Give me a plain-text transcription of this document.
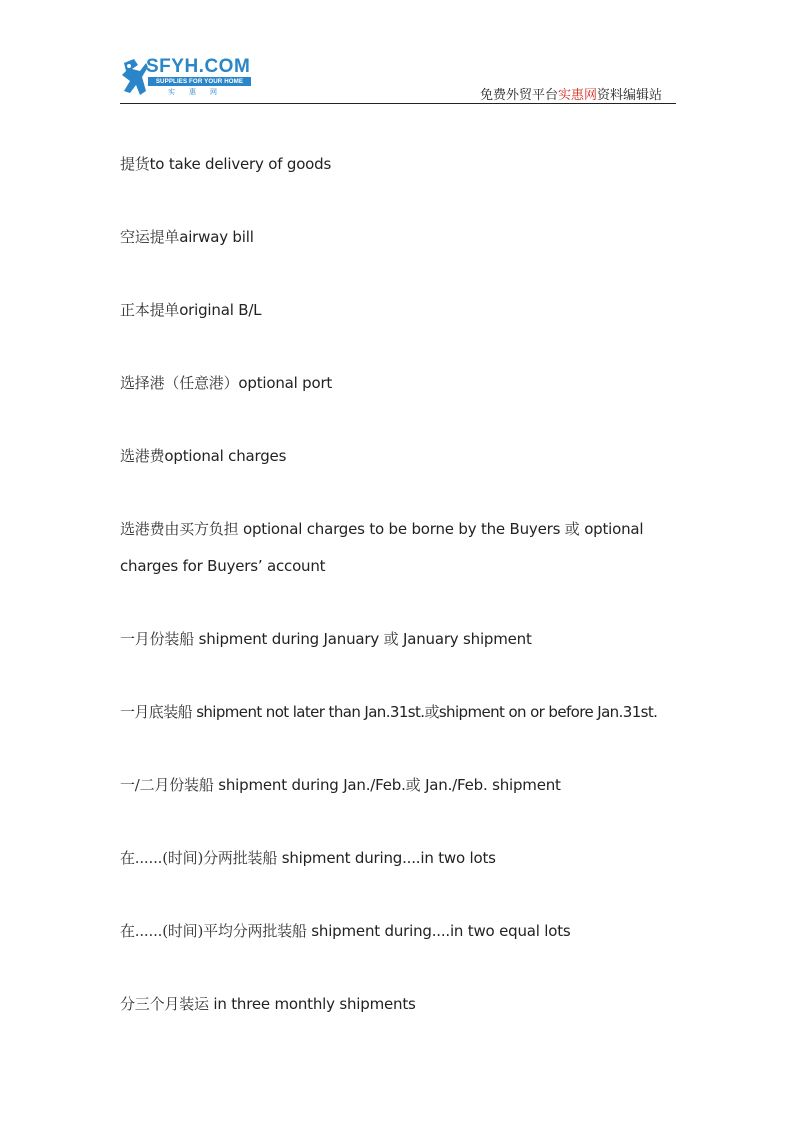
SFYH.COM
SUPPLIES FOR YOUR HOME
实惠网	免费外贸平台实惠网资料编辑站
提货to take delivery of goods
空运提单airway bill
正本提单original B/L
选择港（任意港）optional port
选港费optional charges
选港费由买方负担 optional charges to be borne by the Buyers 或 optional charges for Buyers’ account
一月份装船 shipment during January 或 January shipment
一月底装船 shipment not later than Jan.31st.或shipment on or before Jan.31st.
一/二月份装船 shipment during Jan./Feb.或 Jan./Feb. shipment
在......(时间)分两批装船 shipment during....in two lots
在......(时间)平均分两批装船 shipment during....in two equal lots
分三个月装运 in three monthly shipments
